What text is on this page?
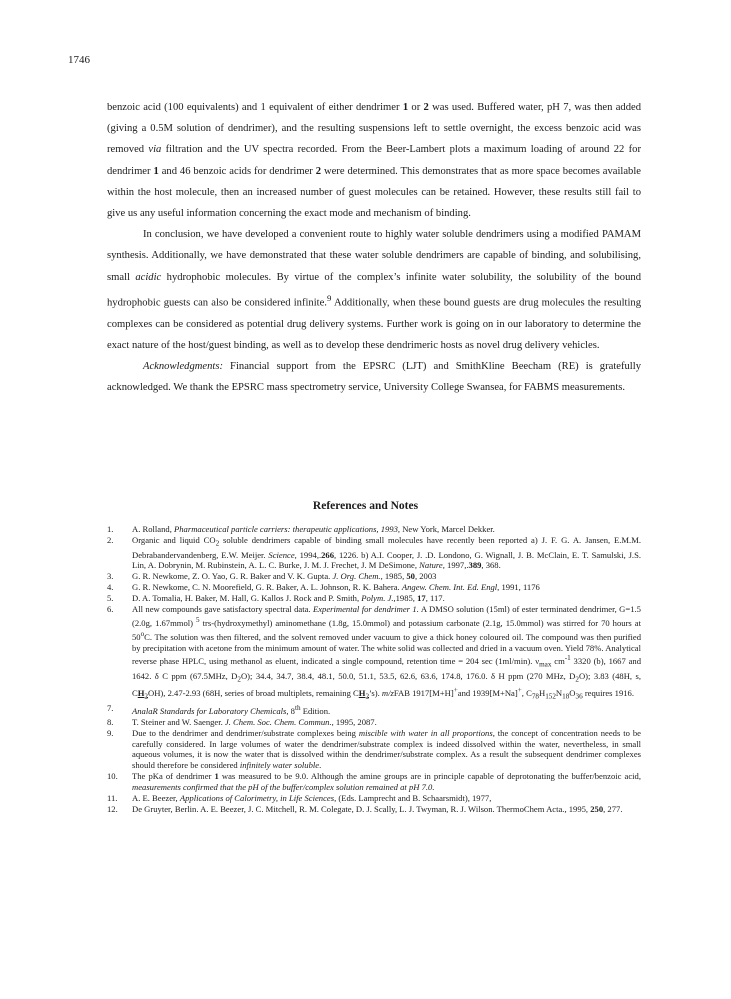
1746

benzoic acid (100 equivalents) and 1 equivalent of either dendrimer 1 or 2 was used. Buffered water, pH 7, was then added (giving a 0.5M solution of dendrimer), and the resulting suspensions left to settle overnight, the excess benzoic acid was removed via filtration and the UV spectra recorded. From the Beer-Lambert plots a maximum loading of around 22 for dendrimer 1 and 46 benzoic acids for dendrimer 2 were determined. This demonstrates that as more space becomes available within the host molecule, then an increased number of guest molecules can be retained. However, these results still fail to give us any useful information concerning the exact mode and mechanism of binding.

In conclusion, we have developed a convenient route to highly water soluble dendrimers using a modified PAMAM synthesis. Additionally, we have demonstrated that these water soluble dendrimers are capable of binding, and solubilising, small acidic hydrophobic molecules. By virtue of the complex’s infinite water solubility, the solubility of the bound hydrophobic guests can also be considered infinite.$^9$ Additionally, when these bound guests are drug molecules the resulting complexes can be considered as potential drug delivery systems. Further work is going on in our laboratory to determine the exact nature of the host/guest binding, as well as to develop these dendrimeric hosts as novel drug delivery vehicles.

Acknowledgments: Financial support from the EPSRC (LJT) and SmithKline Beecham (RE) is gratefully acknowledged. We thank the EPSRC mass spectrometry service, University College Swansea, for FABMS measurements.

References and Notes
1.	A. Rolland, Pharmaceutical particle carriers: therapeutic applications, 1993, New York, Marcel Dekker.
2.	Organic and liquid $CO_2$ soluble dendrimers capable of binding small molecules have recently been reported a) J. F. G. A. Jansen, E.M.M. Debrabandervandenberg, E.W. Meijer. Science, 1994,.266, 1226. b) A.I. Cooper, J. .D. Londono, G. Wignall, J. B. McClain, E. T. Samulski, J.S. Lin, A. Dobrynin, M. Rubinstein, A. L. C. Burke, J. M. J. Frechet, J. M DeSimone, Nature, 1997,.389, 368.
3.	G. R. Newkome, Z. O. Yao, G. R. Baker and V. K. Gupta. J. Org. Chem., 1985, 50, 2003
4.	G. R. Newkome, C. N. Moorefield, G. R. Baker, A. L. Johnson, R. K. Bahera. Angew. Chem. Int. Ed. Engl, 1991, 1176
5.	D. A. Tomalia, H. Baker, M. Hall, G. Kallos J. Rock and P. Smith, Polym. J.,1985, 17, 117.
6.	All new compounds gave satisfactory spectral data. Experimental for dendrimer 1. A DMSO solution (15ml) of ester terminated dendrimer, G=1.5 (2.0g, 1.67mmol) $^5$ trs-(hydroxymethyl) aminomethane (1.8g, 15.0mmol) and potassium carbonate (2.1g, 15.0mmol) was stirred for 70 hours at 50$^o$C. The solution was then filtered, and the solvent removed under vacuum to give a thick honey coloured oil. The compound was then purified by precipitation with acetone from the minimum amount of water. The white solid was collected and dried in a vacuum oven. Yield 78%. Analytical reverse phase HPLC, using methanol as eluent, indicated a single compound, retention time = 204 sec (1ml/min). $\nu_{max}$ $cm^{-1}$ 3320 (b), 1667 and 1642. δ C ppm (67.5MHz, $D_2O$); 34.4, 34.7, 38.4, 48.1, 50.0, 51.1, 53.5, 62.6, 63.6, 174.8, 176.0. δ H ppm (270 MHz, $D_2O$); 3.83 (48H, s, $CH_2OH$), 2.47-2.93 (68H, series of broad multiplets, remaining $CH_2’s$). m/zFAB 1917[M+H]+and 1939[M+Na]+, $C_{78}H_{152}N_{18}O_{36}$ requires 1916.
7.	AnalaR Standards for Laboratory Chemicals, 8th Edition.
8.	T. Steiner and W. Saenger. J. Chem. Soc. Chem. Commun., 1995, 2087.
9.	Due to the dendrimer and dendrimer/substrate complexes being miscible with water in all proportions, the concept of concentration needs to be carefully considered. In large volumes of water the dendrimer/substrate complex is indeed dissolved within the water, nevertheless, in small aqueous volumes, it is now the water that is dissolved within the dendrimer/substrate complex. As a result the subsequent dendrimer complexes should therefore be considered infinitely water soluble.
10.	The pKa of dendrimer 1 was measured to be 9.0. Although the amine groups are in principle capable of deprotonating the buffer/benzoic acid, measurements confirmed that the pH of the buffer/complex solution remained at pH 7.0.
11.	A. E. Beezer, Applications of Calorimetry, in Life Sciences, (Eds. Lamprecht and B. Schaarsmidt), 1977,
12.	De Gruyter, Berlin. A. E. Beezer, J. C. Mitchell, R. M. Colegate, D. J. Scally, L. J. Twyman, R. J. Wilson. ThermoChem Acta., 1995, 250, 277.
